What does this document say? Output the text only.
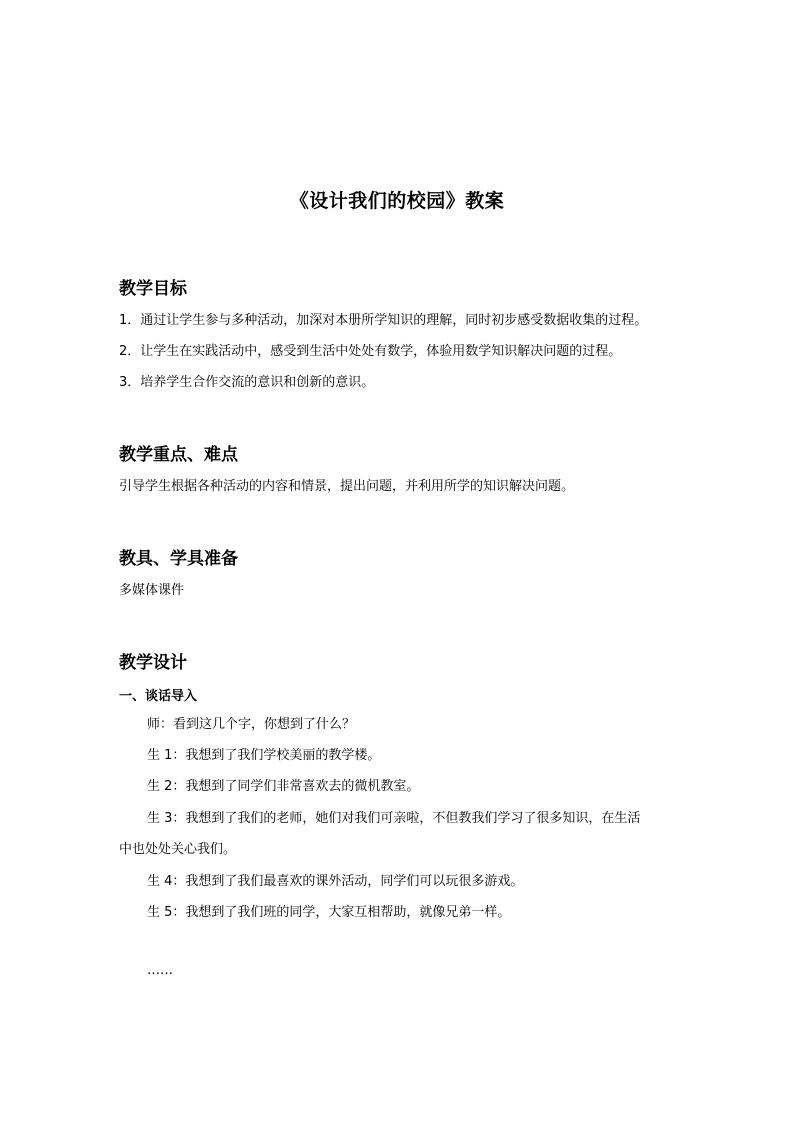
《设计我们的校园》教案
教学目标
1．通过让学生参与多种活动，加深对本册所学知识的理解，同时初步感受数据收集的过程。
2．让学生在实践活动中，感受到生活中处处有数学，体验用数学知识解决问题的过程。
3．培养学生合作交流的意识和创新的意识。
教学重点、难点
引导学生根据各种活动的内容和情景，提出问题，并利用所学的知识解决问题。
教具、学具准备
多媒体课件
教学设计
一、谈话导入
师：看到这几个字，你想到了什么？
生 1：我想到了我们学校美丽的教学楼。
生 2：我想到了同学们非常喜欢去的微机教室。
生 3：我想到了我们的老师，她们对我们可亲啦，不但教我们学习了很多知识，在生活
中也处处关心我们。
生 4：我想到了我们最喜欢的课外活动，同学们可以玩很多游戏。
生 5：我想到了我们班的同学，大家互相帮助，就像兄弟一样。
……
